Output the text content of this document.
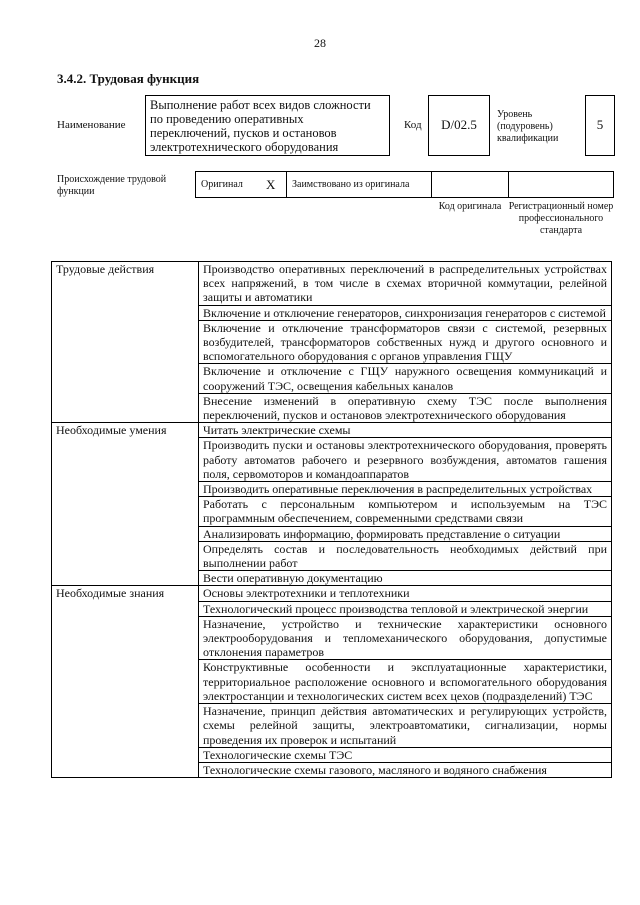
28
3.4.2. Трудовая функция
Наименование
Выполнение работ всех видов сложности по проведению оперативных переключений, пусков и остановов электротехнического оборудования
Код	D/02.5
Уровень (подуровень) квалификации
5
Происхождение трудовой функции
Оригинал X	Заимствовано из оригинала
Код оригинала Регистрационный номер профессионального стандарта
Трудовые действия	Производство оперативных переключений в распределительных устройствах всех напряжений, в том числе в схемах вторичной коммутации, релейной защиты и автоматики
	Включение и отключение генераторов, синхронизация генераторов с системой
	Включение и отключение трансформаторов связи с системой, резервных возбудителей, трансформаторов собственных нужд и другого основного и вспомогательного оборудования с органов управления ГЩУ
	Включение и отключение с ГЩУ наружного освещения коммуникаций и сооружений ТЭС, освещения кабельных каналов
	Внесение изменений в оперативную схему ТЭС после выполнения переключений, пусков и остановов электротехнического оборудования
Необходимые умения	Читать электрические схемы
	Производить пуски и остановы электротехнического оборудования, проверять работу автоматов рабочего и резервного возбуждения, автоматов гашения поля, сервомоторов и командоаппаратов
	Производить оперативные переключения в распределительных устройствах
	Работать с персональным компьютером и используемым на ТЭС программным обеспечением, современными средствами связи
	Анализировать информацию, формировать представление о ситуации
	Определять состав и последовательность необходимых действий при выполнении работ
	Вести оперативную документацию
Необходимые знания	Основы электротехники и теплотехники
	Технологический процесс производства тепловой и электрической энергии
	Назначение, устройство и технические характеристики основного электрооборудования и тепломеханического оборудования, допустимые отклонения параметров
	Конструктивные особенности и эксплуатационные характеристики, территориальное расположение основного и вспомогательного оборудования электростанции и технологических систем всех цехов (подразделений) ТЭС
	Назначение, принцип действия автоматических и регулирующих устройств, схемы релейной защиты, электроавтоматики, сигнализации, нормы проведения их проверок и испытаний
	Технологические схемы ТЭС
	Технологические схемы газового, масляного и водяного снабжения
